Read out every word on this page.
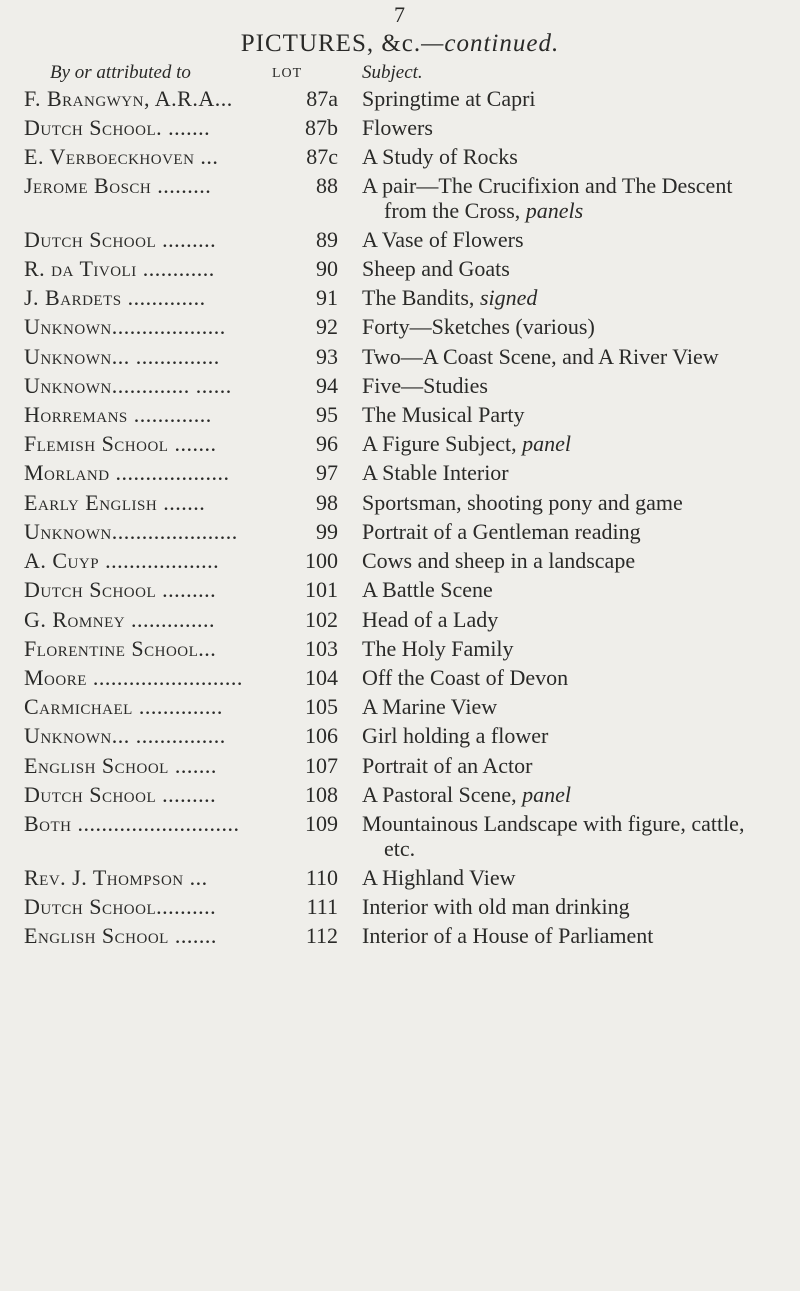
7
PICTURES, &c.—continued.
By or attributed to	LOT	Subject.
F. Brangwyn, A.R.A...	87a Springtime at Capri
Dutch School. .......	87b Flowers
E. Verboeckhoven ...	87c A Study of Rocks
Jerome Bosch .........	88 A pair—The Crucifixion and The Descent
from the Cross, panels
Dutch School .........	89 A Vase of Flowers
R. da Tivoli ............	90 Sheep and Goats
J. Bardets .............	91 The Bandits, signed
Unknown...................	92 Forty—Sketches (various)
Unknown... ..............	93 Two—A Coast Scene, and A River View
Unknown............. ......	94 Five—Studies
Horremans .............	95 The Musical Party
Flemish School .......	96 A Figure Subject, panel
Morland ...................	97 A Stable Interior
Early English .......	98 Sportsman, shooting pony and game
Unknown.....................	99 Portrait of a Gentleman reading
A. Cuyp ...................	100 Cows and sheep in a landscape
Dutch School .........	101 A Battle Scene
G. Romney ..............	102 Head of a Lady
Florentine School...	103 The Holy Family
Moore .........................	104 Off the Coast of Devon
Carmichael ..............	105 A Marine View
Unknown... ...............	106 Girl holding a flower
English School .......	107 Portrait of an Actor
Dutch School .........	108 A Pastoral Scene, panel
Both ...........................	109 Mountainous Landscape with figure, cattle,
etc.
Rev. J. Thompson ...	110 A Highland View
Dutch School..........	111 Interior with old man drinking
English School .......	112 Interior of a House of Parliament
